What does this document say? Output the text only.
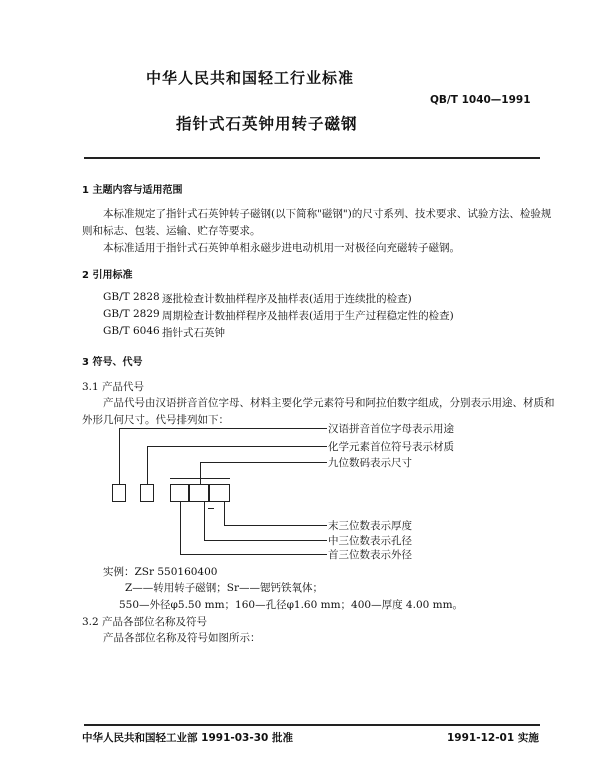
中华人民共和国轻工行业标准
QB/T 1040—1991
指针式石英钟用转子磁钢
1 主题内容与适用范围
本标准规定了指针式石英钟转子磁钢(以下简称"磁钢")的尺寸系列、技术要求、试验方法、检验规
则和标志、包装、运输、贮存等要求。
本标准适用于指针式石英钟单相永磁步进电动机用一对极径向充磁转子磁钢。
2 引用标准
GB/T 2828 逐批检查计数抽样程序及抽样表(适用于连续批的检查)
GB/T 2829 周期检查计数抽样程序及抽样表(适用于生产过程稳定性的检查)
GB/T 6046 指针式石英钟
3 符号、代号
3.1 产品代号
产品代号由汉语拼音首位字母、材料主要化学元素符号和阿拉伯数字组成，分别表示用途、材质和
外形几何尺寸。代号排列如下：
汉语拼音首位字母表示用途
化学元素首位符号表示材质
九位数码表示尺寸
末三位数表示厚度
中三位数表示孔径
首三位数表示外径
实例：ZSr 550160400
Z——转用转子磁钢；Sr——锶钙铁氧体；
550—外径φ5.50 mm；160—孔径φ1.60 mm；400—厚度 4.00 mm。
3.2 产品各部位名称及符号
产品各部位名称及符号如图所示：
中华人民共和国轻工业部 1991-03-30 批准	1991-12-01 实施
